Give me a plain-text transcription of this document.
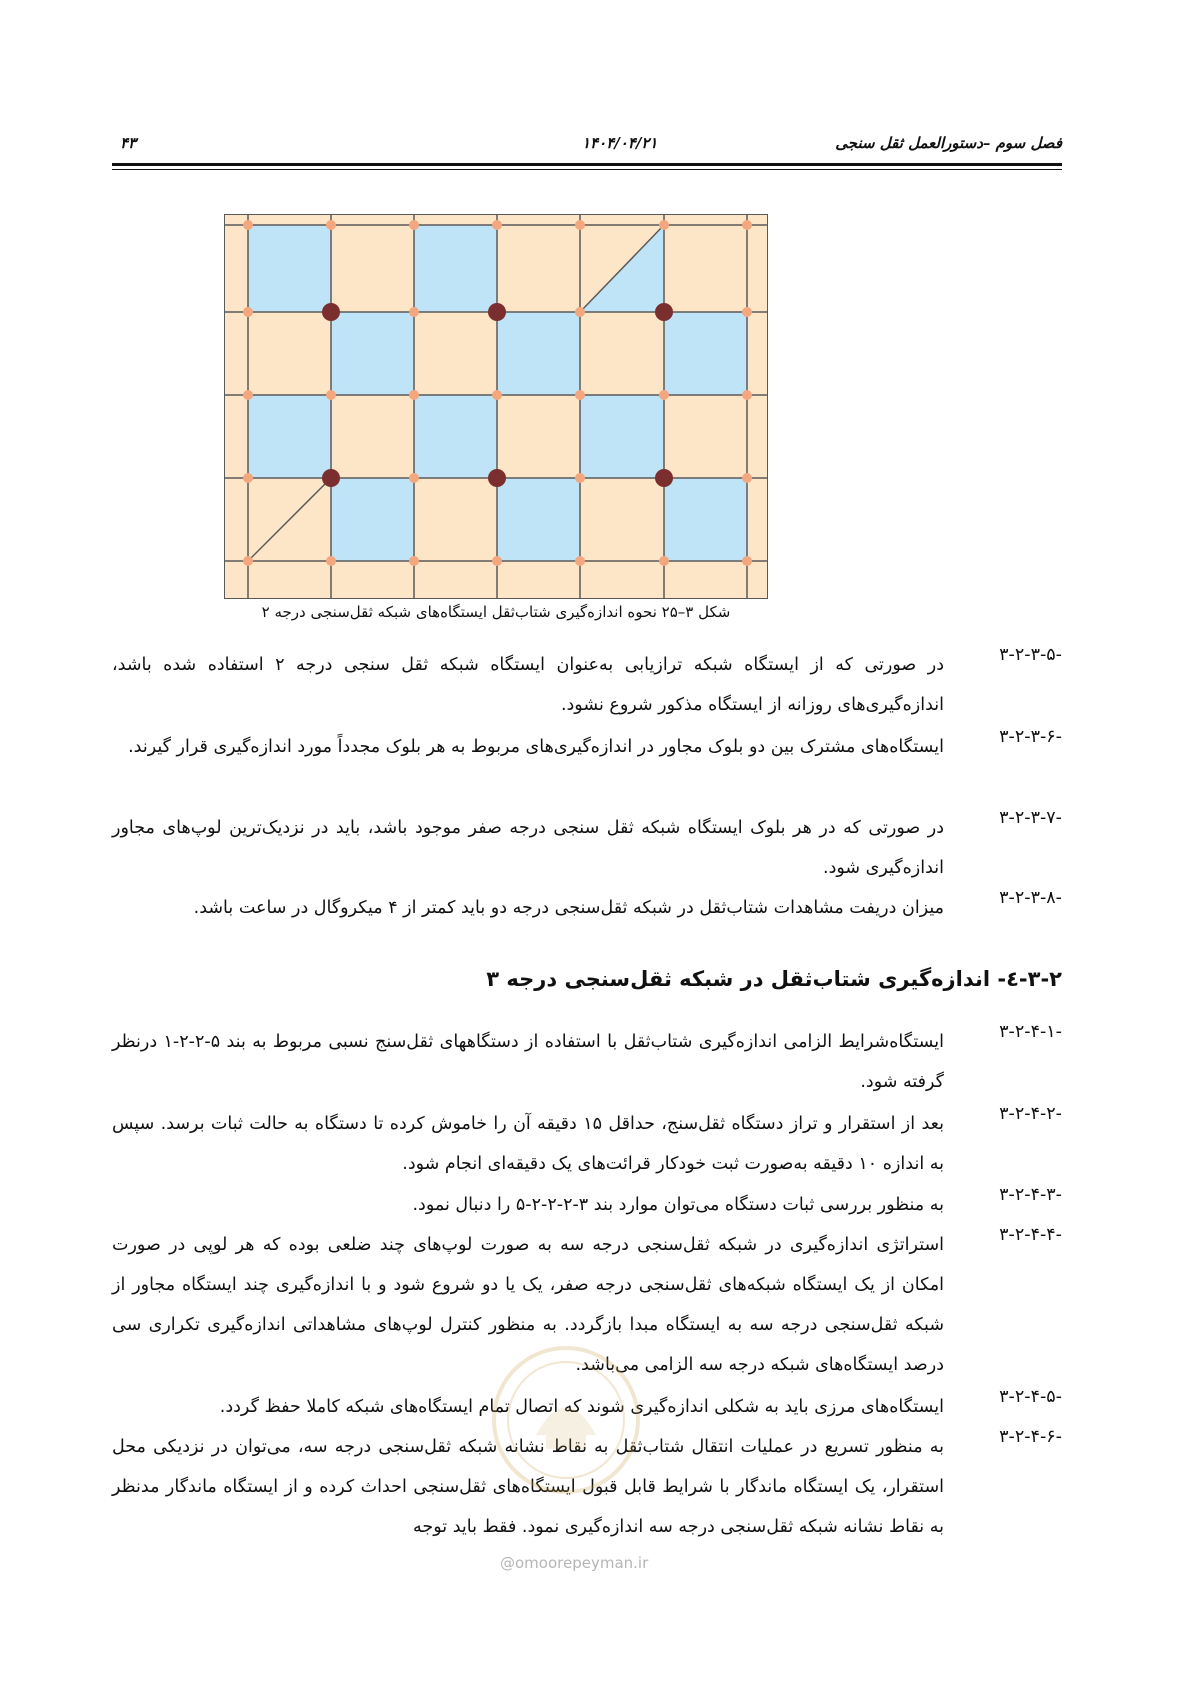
فصل سوم –دستورالعمل ثقل سنجی
۱۴۰۴/۰۴/۲۱
۴۳
شکل ۳–۲۵ نحوه اندازه‌گیری شتاب‌ثقل ایستگاه‌های شبکه ثقل‌سنجی درجه ۲
۳-۲-۳-۵-
در صورتی که از ایستگاه شبکه ترازیابی به‌عنوان ایستگاه شبکه ثقل سنجی درجه ۲ استفاده شده باشد، اندازه‌گیری‌های روزانه از ایستگاه مذکور شروع نشود.
۳-۲-۳-۶-
ایستگاه‌های مشترک بین دو بلوک مجاور در اندازه‌گیری‌های مربوط به هر بلوک مجدداً مورد اندازه‌گیری قرار گیرند.
۳-۲-۳-۷-
در صورتی که در هر بلوک ایستگاه شبکه ثقل سنجی درجه صفر موجود باشد، باید در نزدیک‌ترین لوپ‌های مجاور اندازه‌گیری شود.
۳-۲-۳-۸-
میزان دریفت مشاهدات شتاب‌ثقل در شبکه ثقل‌سنجی درجه دو باید کمتر از ۴ میکروگال در ساعت باشد.
۳-۲-٤- اندازه‌گیری شتاب‌ثقل در شبکه ثقل‌سنجی درجه ۳
۳-۲-۴-۱-
ایستگاه‌شرایط الزامی اندازه‌گیری شتاب‌ثقل با استفاده از دستگاههای ثقل‌سنج نسبی مربوط به بند ۵-۲-۲-۱ درنظر گرفته شود.
۳-۲-۴-۲-
بعد از استقرار و تراز دستگاه ثقل‌سنج، حداقل ۱۵ دقیقه آن را خاموش کرده تا دستگاه به حالت ثبات برسد. سپس به اندازه ۱۰ دقیقه به‌صورت ثبت خودکار قرائت‌های یک دقیقه‌ای انجام شود.
۳-۲-۴-۳-
به منظور بررسی ثبات دستگاه می‌توان موارد بند ۳-۲-۲-۲-۵ را دنبال نمود.
۳-۲-۴-۴-
استراتژی اندازه‌گیری در شبکه ثقل‌سنجی درجه سه به صورت لوپ‌های چند ضلعی بوده که هر لوپی در صورت امکان از یک ایستگاه شبکه‌های ثقل‌سنجی درجه صفر، یک یا دو شروع شود و با اندازه‌گیری چند ایستگاه مجاور از شبکه ثقل‌سنجی درجه سه به ایستگاه مبدا بازگردد. به منظور کنترل لوپ‌های مشاهداتی اندازه‌گیری تکراری سی درصد ایستگاه‌های شبکه درجه سه الزامی می‌باشد.
۳-۲-۴-۵-
ایستگاه‌های مرزی باید به شکلی اندازه‌گیری شوند که اتصال تمام ایستگاه‌های شبکه کاملا حفظ گردد.
۳-۲-۴-۶-
به منظور تسریع در عملیات انتقال شتاب‌ثقل به نقاط نشانه شبکه ثقل‌سنجی درجه سه، می‌توان در نزدیکی محل استقرار، یک ایستگاه ماندگار با شرایط قابل قبول ایستگاه‌های ثقل‌سنجی احداث کرده و از ایستگاه ماندگار مدنظر به نقاط نشانه شبکه ثقل‌سنجی درجه سه اندازه‌گیری نمود. فقط باید توجه
@omoorepeyman.ir
